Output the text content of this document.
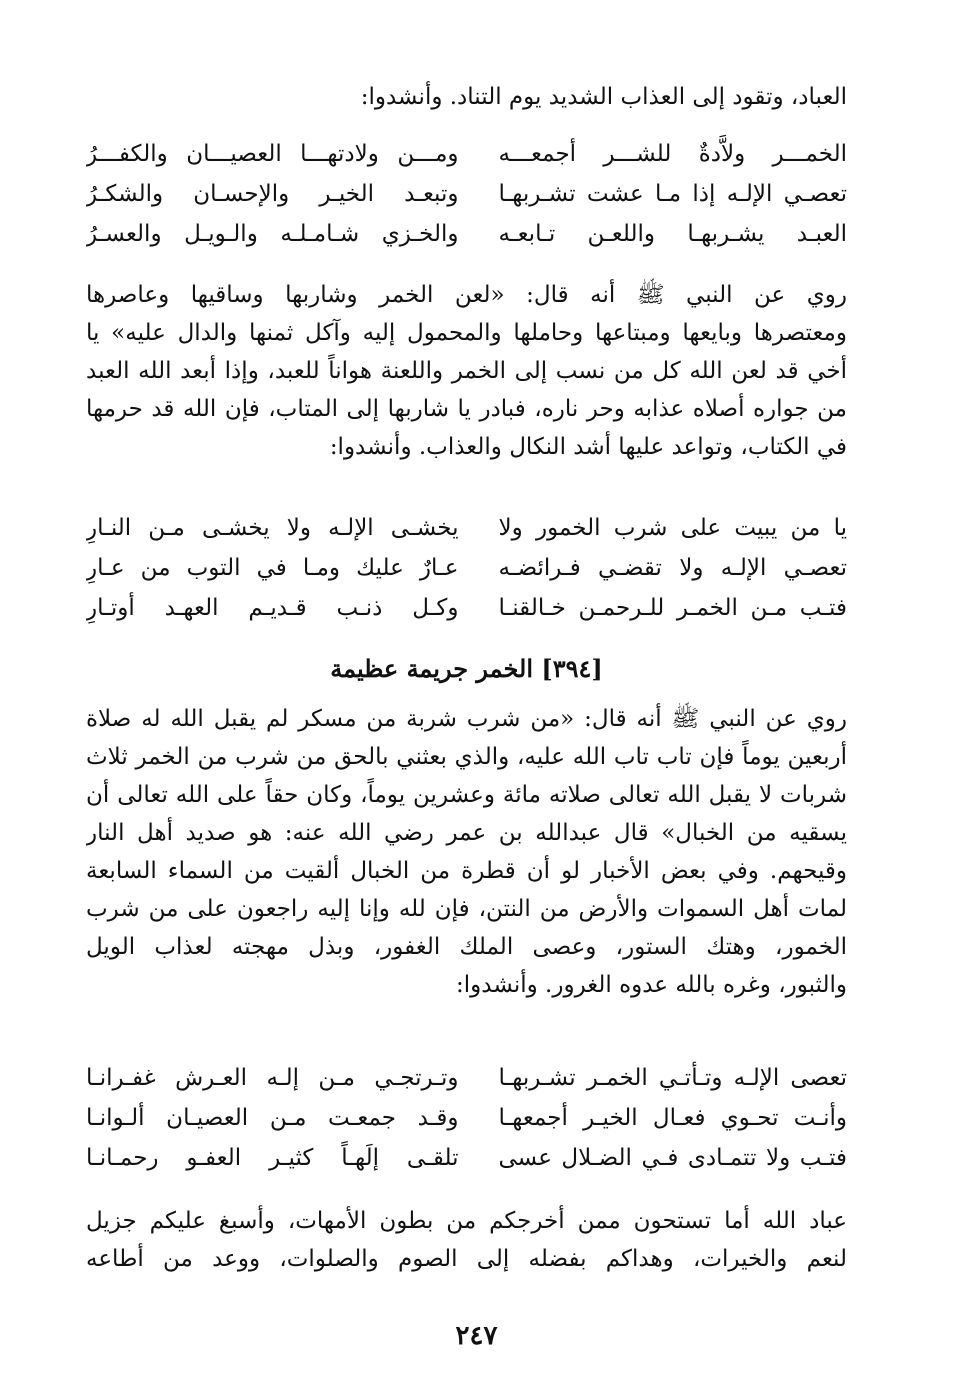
العباد، وتقود إلى العذاب الشديد يوم التناد. وأنشدوا:
الخمـــر ولاَّدةٌ للشـــر أجمعـــه
ومـــن ولادتهـــا العصيـــان والكفـــرُ
تعصـي الإلـه إذا مـا عشت تشـربهـا
وتبعـد الخيـر والإحسـان والشكـرُ
العبـد يشـربهـا واللعـن تـابعـه
والخـزي شـامـلـه والـويـل والعسـرُ
روي عن النبي ﷺ أنه قال: «لعن الخمر وشاربها وساقيها وعاصرها
ومعتصرها وبايعها ومبتاعها وحاملها والمحمول إليه وآكل ثمنها والدال عليه» يا
أخي قد لعن الله كل من نسب إلى الخمر واللعنة هواناً للعبد، وإذا أبعد الله العبد
من جواره أصلاه عذابه وحر ناره، فبادر يا شاربها إلى المتاب، فإن الله قد حرمها
في الكتاب، وتواعد عليها أشد النكال والعذاب. وأنشدوا:
يا من يبيت على شرب الخمور ولا
يخشـى الإلـه ولا يخشـى مـن النـارِ
تعصـي الإلـه ولا تقضـي فـرائضـه
عـارٌ عليك ومـا في التوب من عـارِ
فتـب مـن الخمـر للـرحمـن خـالقنـا
وكـل ذنـب قـديـم العهـد أوتـارِ
[٣٩٤] الخمر جريمة عظيمة
روي عن النبي ﷺ أنه قال: «من شرب شربة من مسكر لم يقبل الله له صلاة
أربعين يوماً فإن تاب تاب الله عليه، والذي بعثني بالحق من شرب من الخمر ثلاث
شربات لا يقبل الله تعالى صلاته مائة وعشرين يوماً، وكان حقاً على الله تعالى أن
يسقيه من الخبال» قال عبدالله بن عمر رضي الله عنه: هو صديد أهل النار
وقيحهم. وفي بعض الأخبار لو أن قطرة من الخبال ألقيت من السماء السابعة
لمات أهل السموات والأرض من النتن، فإن لله وإنا إليه راجعون على من شرب
الخمور، وهتك الستور، وعصى الملك الغفور، وبذل مهجته لعذاب الويل
والثبور، وغره بالله عدوه الغرور. وأنشدوا:
تعصى الإلـه وتـأتـي الخمـر تشـربهـا
وتـرتجـي مـن إلـه العـرش غفـرانـا
وأنـت تحـوي فعـال الخيـر أجمعهـا
وقـد جمعـت مـن العصيـان ألـوانـا
فتـب ولا تتمـادى فـي الضـلال عسى
تلقـى إلَهـاً كثيـر العفـو رحمـانـا
عباد الله أما تستحون ممن أخرجكم من بطون الأمهات، وأسبغ عليكم جزيل
لنعم والخيرات، وهداكم بفضله إلى الصوم والصلوات، ووعد من أطاعه
٢٤٧
